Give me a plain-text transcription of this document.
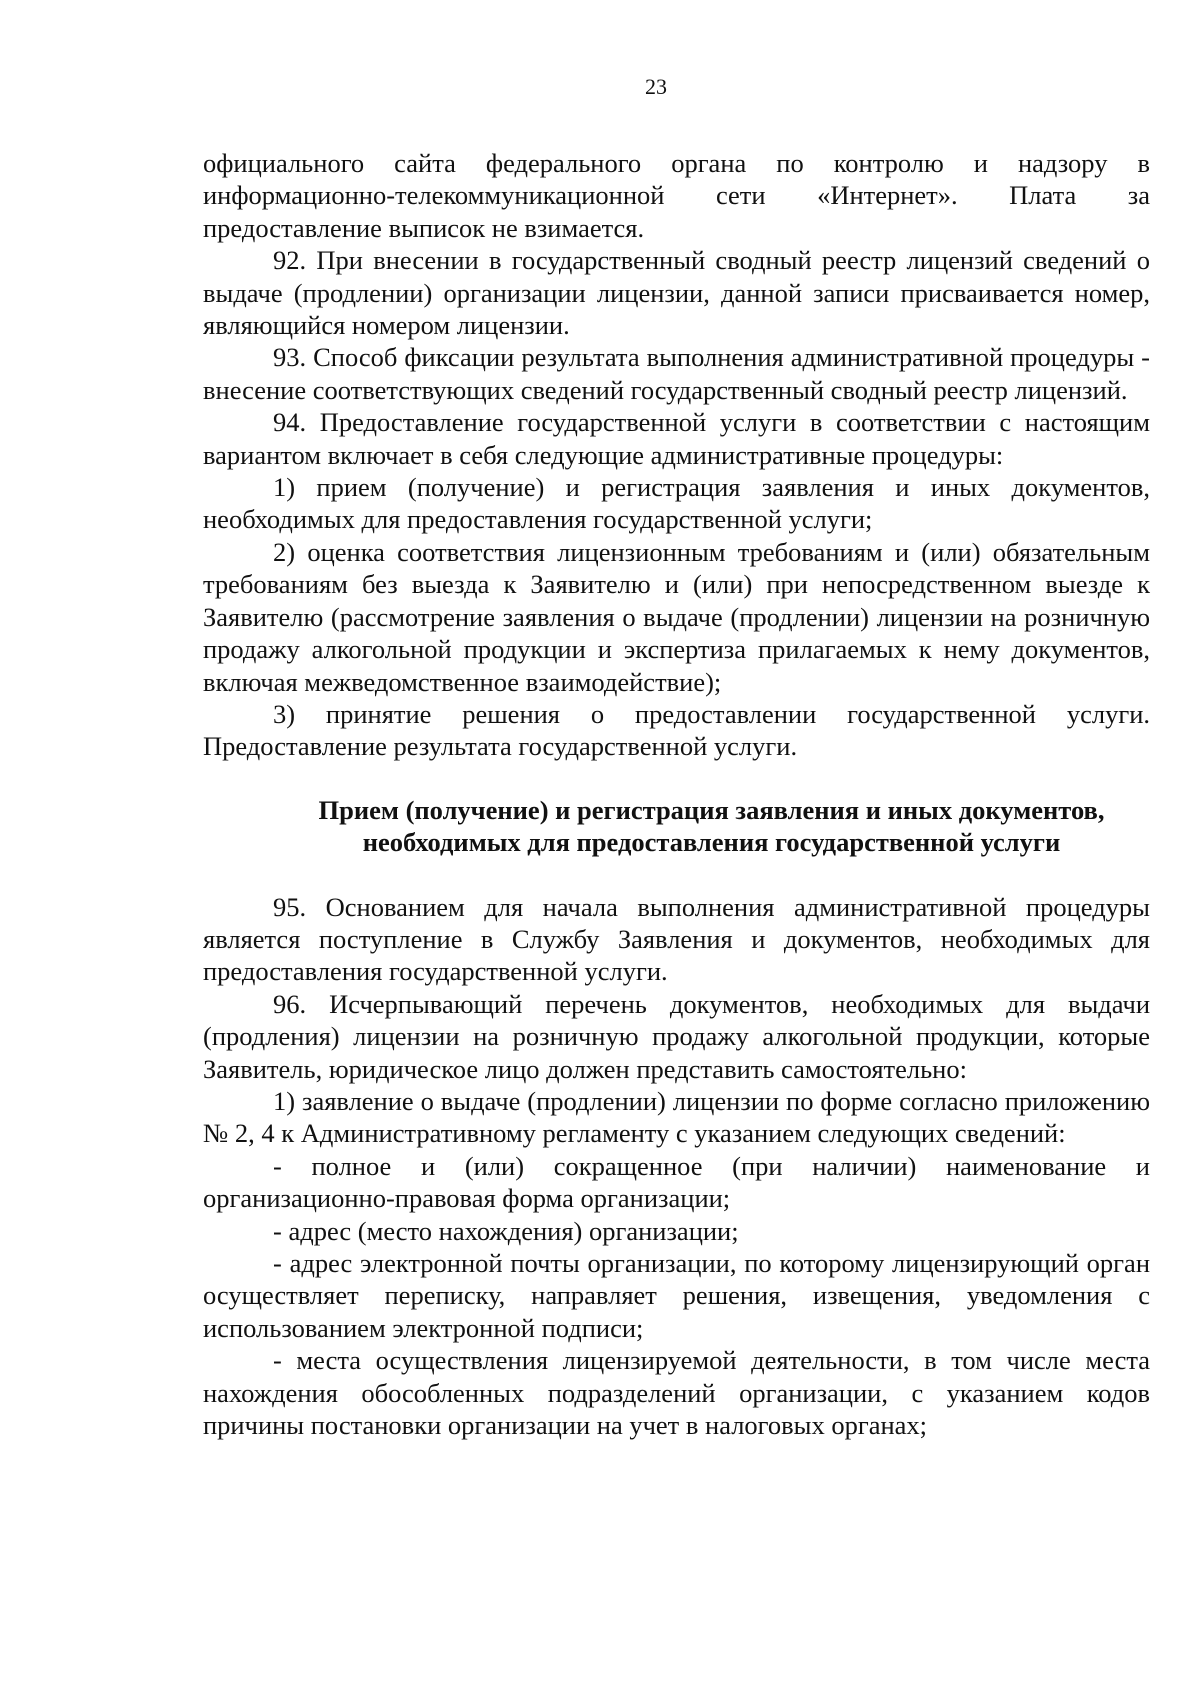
23

официального сайта федерального органа по контролю и надзору в информационно-телекоммуникационной сети «Интернет». Плата за предоставление выписок не взимается.

92. При внесении в государственный сводный реестр лицензий сведений о выдаче (продлении) организации лицензии, данной записи присваивается номер, являющийся номером лицензии.

93. Способ фиксации результата выполнения административной процедуры - внесение соответствующих сведений государственный сводный реестр лицензий.

94. Предоставление государственной услуги в соответствии с настоящим вариантом включает в себя следующие административные процедуры:

1) прием (получение) и регистрация заявления и иных документов, необходимых для предоставления государственной услуги;

2) оценка соответствия лицензионным требованиям и (или) обязательным требованиям без выезда к Заявителю и (или) при непосредственном выезде к Заявителю (рассмотрение заявления о выдаче (продлении) лицензии на розничную продажу алкогольной продукции и экспертиза прилагаемых к нему документов, включая межведомственное взаимодействие);

3) принятие решения о предоставлении государственной услуги. Предоставление результата государственной услуги.

Прием (получение) и регистрация заявления и иных документов,
необходимых для предоставления государственной услуги

95. Основанием для начала выполнения административной процедуры является поступление в Службу Заявления и документов, необходимых для предоставления государственной услуги.

96. Исчерпывающий перечень документов, необходимых для выдачи (продления) лицензии на розничную продажу алкогольной продукции, которые Заявитель, юридическое лицо должен представить самостоятельно:

1) заявление о выдаче (продлении) лицензии по форме согласно приложению № 2, 4 к Административному регламенту с указанием следующих сведений:

- полное и (или) сокращенное (при наличии) наименование и организационно-правовая форма организации;

- адрес (место нахождения) организации;

- адрес электронной почты организации, по которому лицензирующий орган осуществляет переписку, направляет решения, извещения, уведомления с использованием электронной подписи;

- места осуществления лицензируемой деятельности, в том числе места нахождения обособленных подразделений организации, с указанием кодов причины постановки организации на учет в налоговых органах;
